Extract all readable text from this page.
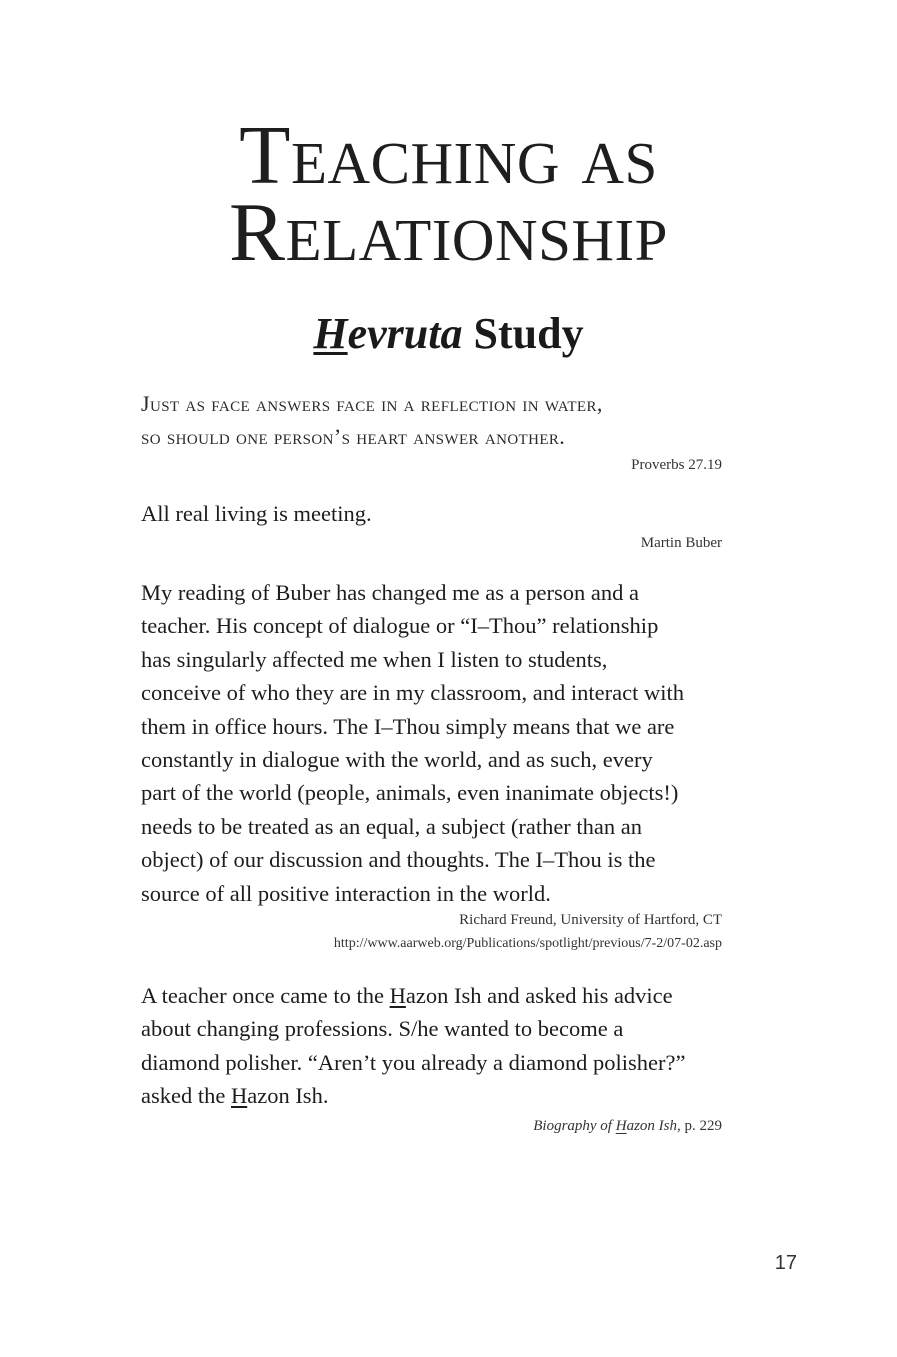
Teaching as
Relationship
Hevruta Study
Just as face answers face in a reflection in water,
so should one person’s heart answer another.
Proverbs 27.19
All real living is meeting.
Martin Buber
My reading of Buber has changed me as a person and a
teacher. His concept of dialogue or “I–Thou” relationship
has singularly affected me when I listen to students,
conceive of who they are in my classroom, and interact with
them in office hours. The I–Thou simply means that we are
constantly in dialogue with the world, and as such, every
part of the world (people, animals, even inanimate objects!)
needs to be treated as an equal, a subject (rather than an
object) of our discussion and thoughts. The I–Thou is the
source of all positive interaction in the world.
Richard Freund, University of Hartford, CT
http://www.aarweb.org/Publications/spotlight/previous/7-2/07-02.asp
A teacher once came to the Hazon Ish and asked his advice
about changing professions. S/he wanted to become a
diamond polisher. “Aren’t you already a diamond polisher?”
asked the Hazon Ish.
Biography of Hazon Ish, p. 229
17
